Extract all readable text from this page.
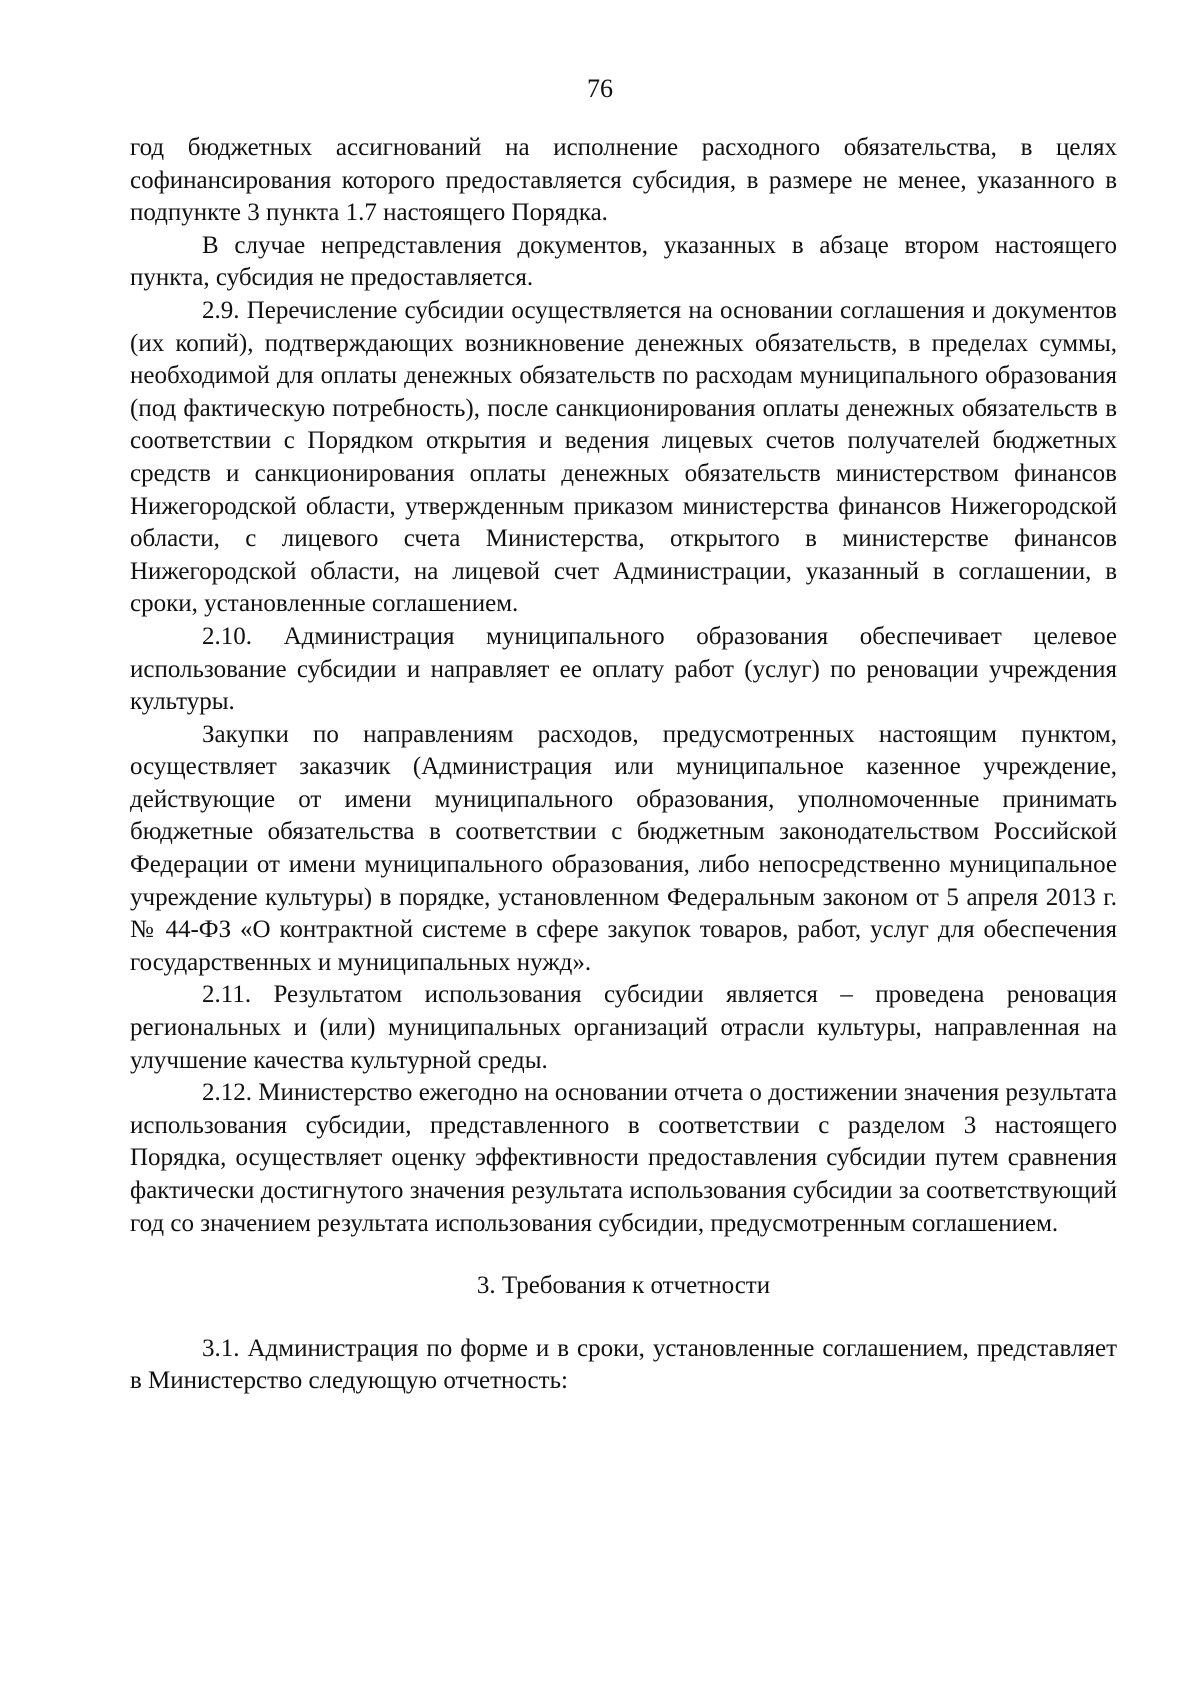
76

год бюджетных ассигнований на исполнение расходного обязательства, в целях софинансирования которого предоставляется субсидия, в размере не менее, указанного в подпункте 3 пункта 1.7 настоящего Порядка.

В случае непредставления документов, указанных в абзаце втором настоящего пункта, субсидия не предоставляется.

2.9. Перечисление субсидии осуществляется на основании соглашения и документов (их копий), подтверждающих возникновение денежных обязательств, в пределах суммы, необходимой для оплаты денежных обязательств по расходам муниципального образования (под фактическую потребность), после санкционирования оплаты денежных обязательств в соответствии с Порядком открытия и ведения лицевых счетов получателей бюджетных средств и санкционирования оплаты денежных обязательств министерством финансов Нижегородской области, утвержденным приказом министерства финансов Нижегородской области, с лицевого счета Министерства, открытого в министерстве финансов Нижегородской области, на лицевой счет Администрации, указанный в соглашении, в сроки, установленные соглашением.

2.10. Администрация муниципального образования обеспечивает целевое использование субсидии и направляет ее оплату работ (услуг) по реновации учреждения культуры.

Закупки по направлениям расходов, предусмотренных настоящим пунктом, осуществляет заказчик (Администрация или муниципальное казенное учреждение, действующие от имени муниципального образования, уполномоченные принимать бюджетные обязательства в соответствии с бюджетным законодательством Российской Федерации от имени муниципального образования, либо непосредственно муниципальное учреждение культуры) в порядке, установленном Федеральным законом от 5 апреля 2013 г. № 44-ФЗ «О контрактной системе в сфере закупок товаров, работ, услуг для обеспечения государственных и муниципальных нужд».

2.11. Результатом использования субсидии является – проведена реновация региональных и (или) муниципальных организаций отрасли культуры, направленная на улучшение качества культурной среды.

2.12. Министерство ежегодно на основании отчета о достижении значения результата использования субсидии, представленного в соответствии с разделом 3 настоящего Порядка, осуществляет оценку эффективности предоставления субсидии путем сравнения фактически достигнутого значения результата использования субсидии за соответствующий год со значением результата использования субсидии, предусмотренным соглашением.

3. Требования к отчетности

3.1. Администрация по форме и в сроки, установленные соглашением, представляет в Министерство следующую отчетность:
